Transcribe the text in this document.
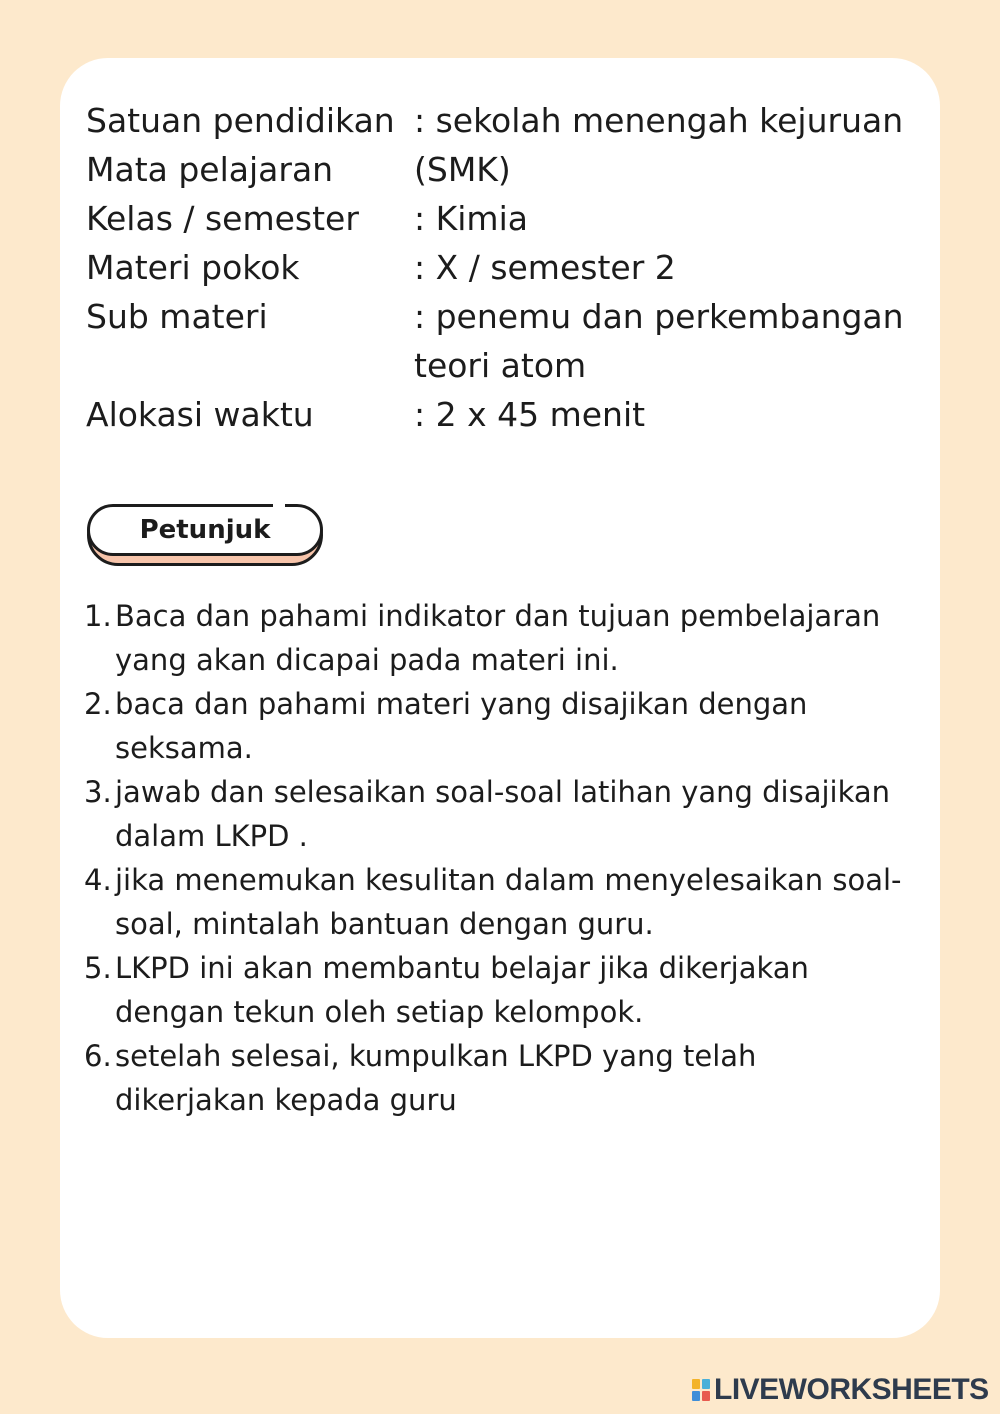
Satuan pendidikan
Mata pelajaran
Kelas / semester
Materi pokok
Sub materi
Alokasi waktu
: sekolah menengah kejuruan
(SMK)
: Kimia
: X / semester 2
: penemu dan perkembangan
teori atom
: 2 x 45 menit
Petunjuk
1. Baca dan pahami indikator dan tujuan pembelajaran
yang akan dicapai pada materi ini.
2. baca dan pahami materi yang disajikan dengan
seksama.
3. jawab dan selesaikan soal-soal latihan yang disajikan
dalam LKPD .
4. jika menemukan kesulitan dalam menyelesaikan soal-
soal, mintalah bantuan dengan guru.
5. LKPD ini akan membantu belajar jika dikerjakan
dengan tekun oleh setiap kelompok.
6. setelah selesai, kumpulkan LKPD yang telah
dikerjakan kepada guru
LIVEWORKSHEETS
